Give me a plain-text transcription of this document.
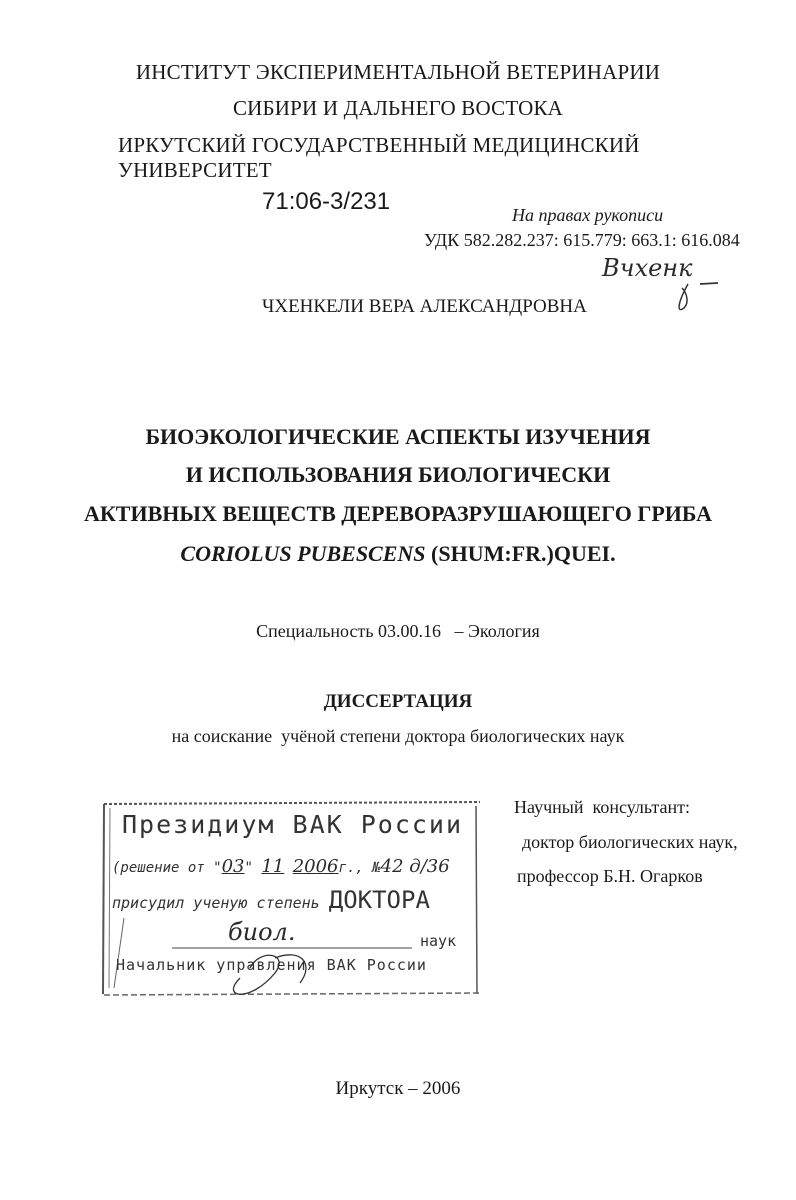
ИНСТИТУТ ЭКСПЕРИМЕНТАЛЬНОЙ ВЕТЕРИНАРИИ
СИБИРИ И ДАЛЬНЕГО ВОСТОКА
ИРКУТСКИЙ ГОСУДАРСТВЕННЫЙ МЕДИЦИНСКИЙ УНИВЕРСИТЕТ
71:06-3/231	На правах рукописи
УДК 582.282.237: 615.779: 663.1: 616.084
Вчхенк
ЧХЕНКЕЛИ ВЕРА АЛЕКСАНДРОВНА
БИОЭКОЛОГИЧЕСКИЕ АСПЕКТЫ ИЗУЧЕНИЯ
И ИСПОЛЬЗОВАНИЯ БИОЛОГИЧЕСКИ
АКТИВНЫХ ВЕЩЕСТВ ДЕРЕВОРАЗРУШАЮЩЕГО ГРИБА
CORIOLUS PUBESCENS (SHUM:FR.)QUEI.
Специальность 03.00.16   – Экология
ДИССЕРТАЦИЯ
на соискание  учёной степени доктора биологических наук
Научный  консультант:
доктор биологических наук,
профессор Б.Н. Огарков
Президиум ВАК России
(решение от "03" 11 2006г., №42 д/36
присудил ученую степень ДОКТОРА
биол.	наук
Начальник управления ВАК России
Иркутск – 2006
